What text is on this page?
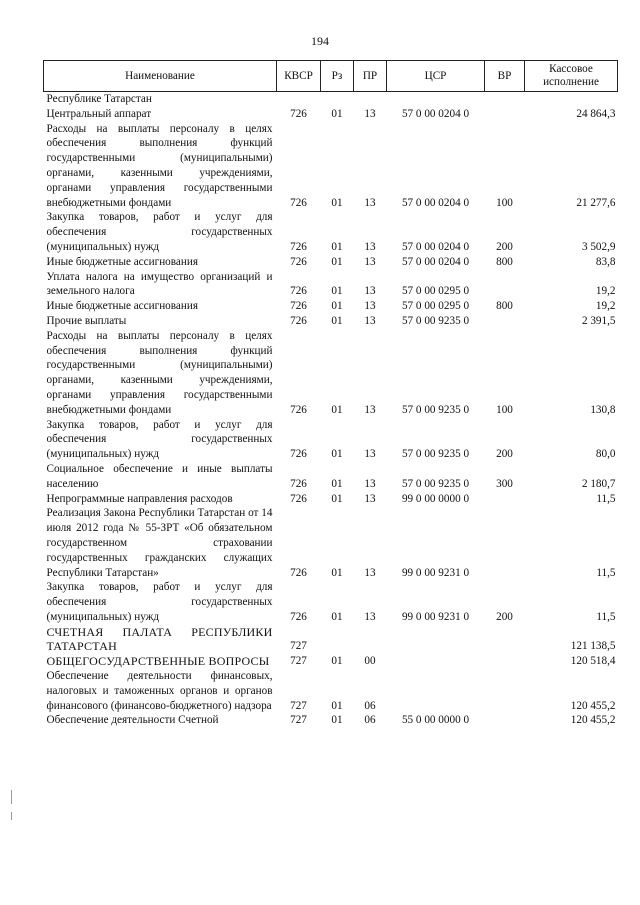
194
Наименование	КВСР	Рз	ПР	ЦСР	ВР	Кассовое исполнение
Республике Татарстан						
Центральный аппарат	726	01	13	57 0 00 0204 0		24 864,3
Расходы на выплаты персоналу в целях обеспечения выполнения функций государственными (муниципальными) органами, казенными учреждениями, органами управления государственными внебюджетными фондами	726	01	13	57 0 00 0204 0	100	21 277,6
Закупка товаров, работ и услуг для обеспечения государственных (муниципальных) нужд	726	01	13	57 0 00 0204 0	200	3 502,9
Иные бюджетные ассигнования	726	01	13	57 0 00 0204 0	800	83,8
Уплата налога на имущество организаций и земельного налога	726	01	13	57 0 00 0295 0		19,2
Иные бюджетные ассигнования	726	01	13	57 0 00 0295 0	800	19,2
Прочие выплаты	726	01	13	57 0 00 9235 0		2 391,5
Расходы на выплаты персоналу в целях обеспечения выполнения функций государственными (муниципальными) органами, казенными учреждениями, органами управления государственными внебюджетными фондами	726	01	13	57 0 00 9235 0	100	130,8
Закупка товаров, работ и услуг для обеспечения государственных (муниципальных) нужд	726	01	13	57 0 00 9235 0	200	80,0
Социальное обеспечение и иные выплаты населению	726	01	13	57 0 00 9235 0	300	2 180,7
Непрограммные направления расходов	726	01	13	99 0 00 0000 0		11,5
Реализация Закона Республики Татарстан от 14 июля 2012 года № 55-ЗРТ «Об обязательном государственном страховании государственных гражданских служащих Республики Татарстан»	726	01	13	99 0 00 9231 0		11,5
Закупка товаров, работ и услуг для обеспечения государственных (муниципальных) нужд	726	01	13	99 0 00 9231 0	200	11,5
СЧЕТНАЯ ПАЛАТА РЕСПУБЛИКИ ТАТАРСТАН	727					121 138,5
ОБЩЕГОСУДАРСТВЕННЫЕ ВОПРОСЫ	727	01	00			120 518,4
Обеспечение деятельности финансовых, налоговых и таможенных органов и органов финансового (финансово-бюджетного) надзора	727	01	06			120 455,2
Обеспечение деятельности Счетной	727	01	06	55 0 00 0000 0		120 455,2
